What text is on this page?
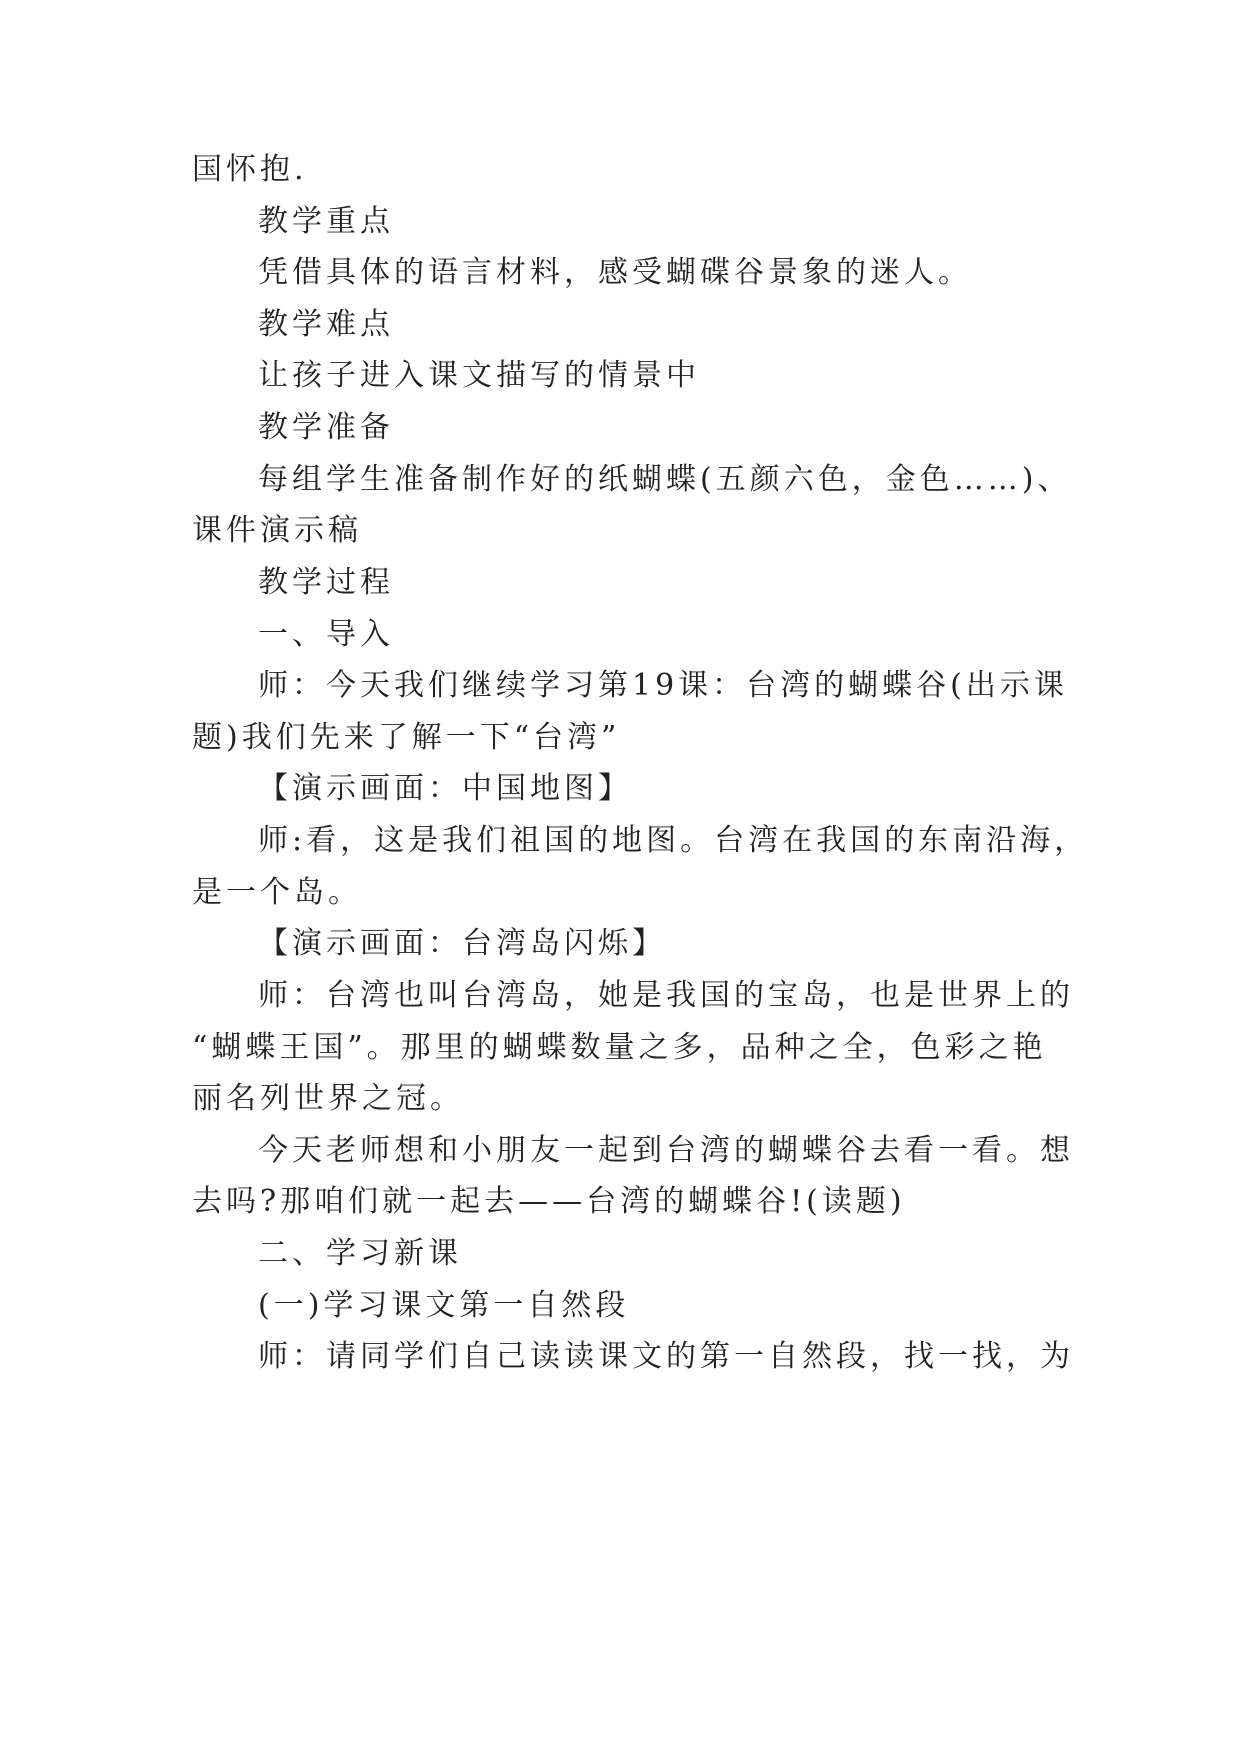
国怀抱.
教学重点
凭借具体的语言材料，感受蝴碟谷景象的迷人。
教学难点
让孩子进入课文描写的情景中
教学准备
每组学生准备制作好的纸蝴蝶(五颜六色，金色……)、
课件演示稿
教学过程
一、导入
师：今天我们继续学习第19课：台湾的蝴蝶谷(出示课
题)我们先来了解一下“台湾”
【演示画面：中国地图】
师:看，这是我们祖国的地图。台湾在我国的东南沿海，
是一个岛。
【演示画面：台湾岛闪烁】
师：台湾也叫台湾岛，她是我国的宝岛，也是世界上的
“蝴蝶王国”。那里的蝴蝶数量之多，品种之全，色彩之艳
丽名列世界之冠。
今天老师想和小朋友一起到台湾的蝴蝶谷去看一看。想
去吗?那咱们就一起去——台湾的蝴蝶谷!(读题)
二、学习新课
(一)学习课文第一自然段
师：请同学们自己读读课文的第一自然段，找一找，为
